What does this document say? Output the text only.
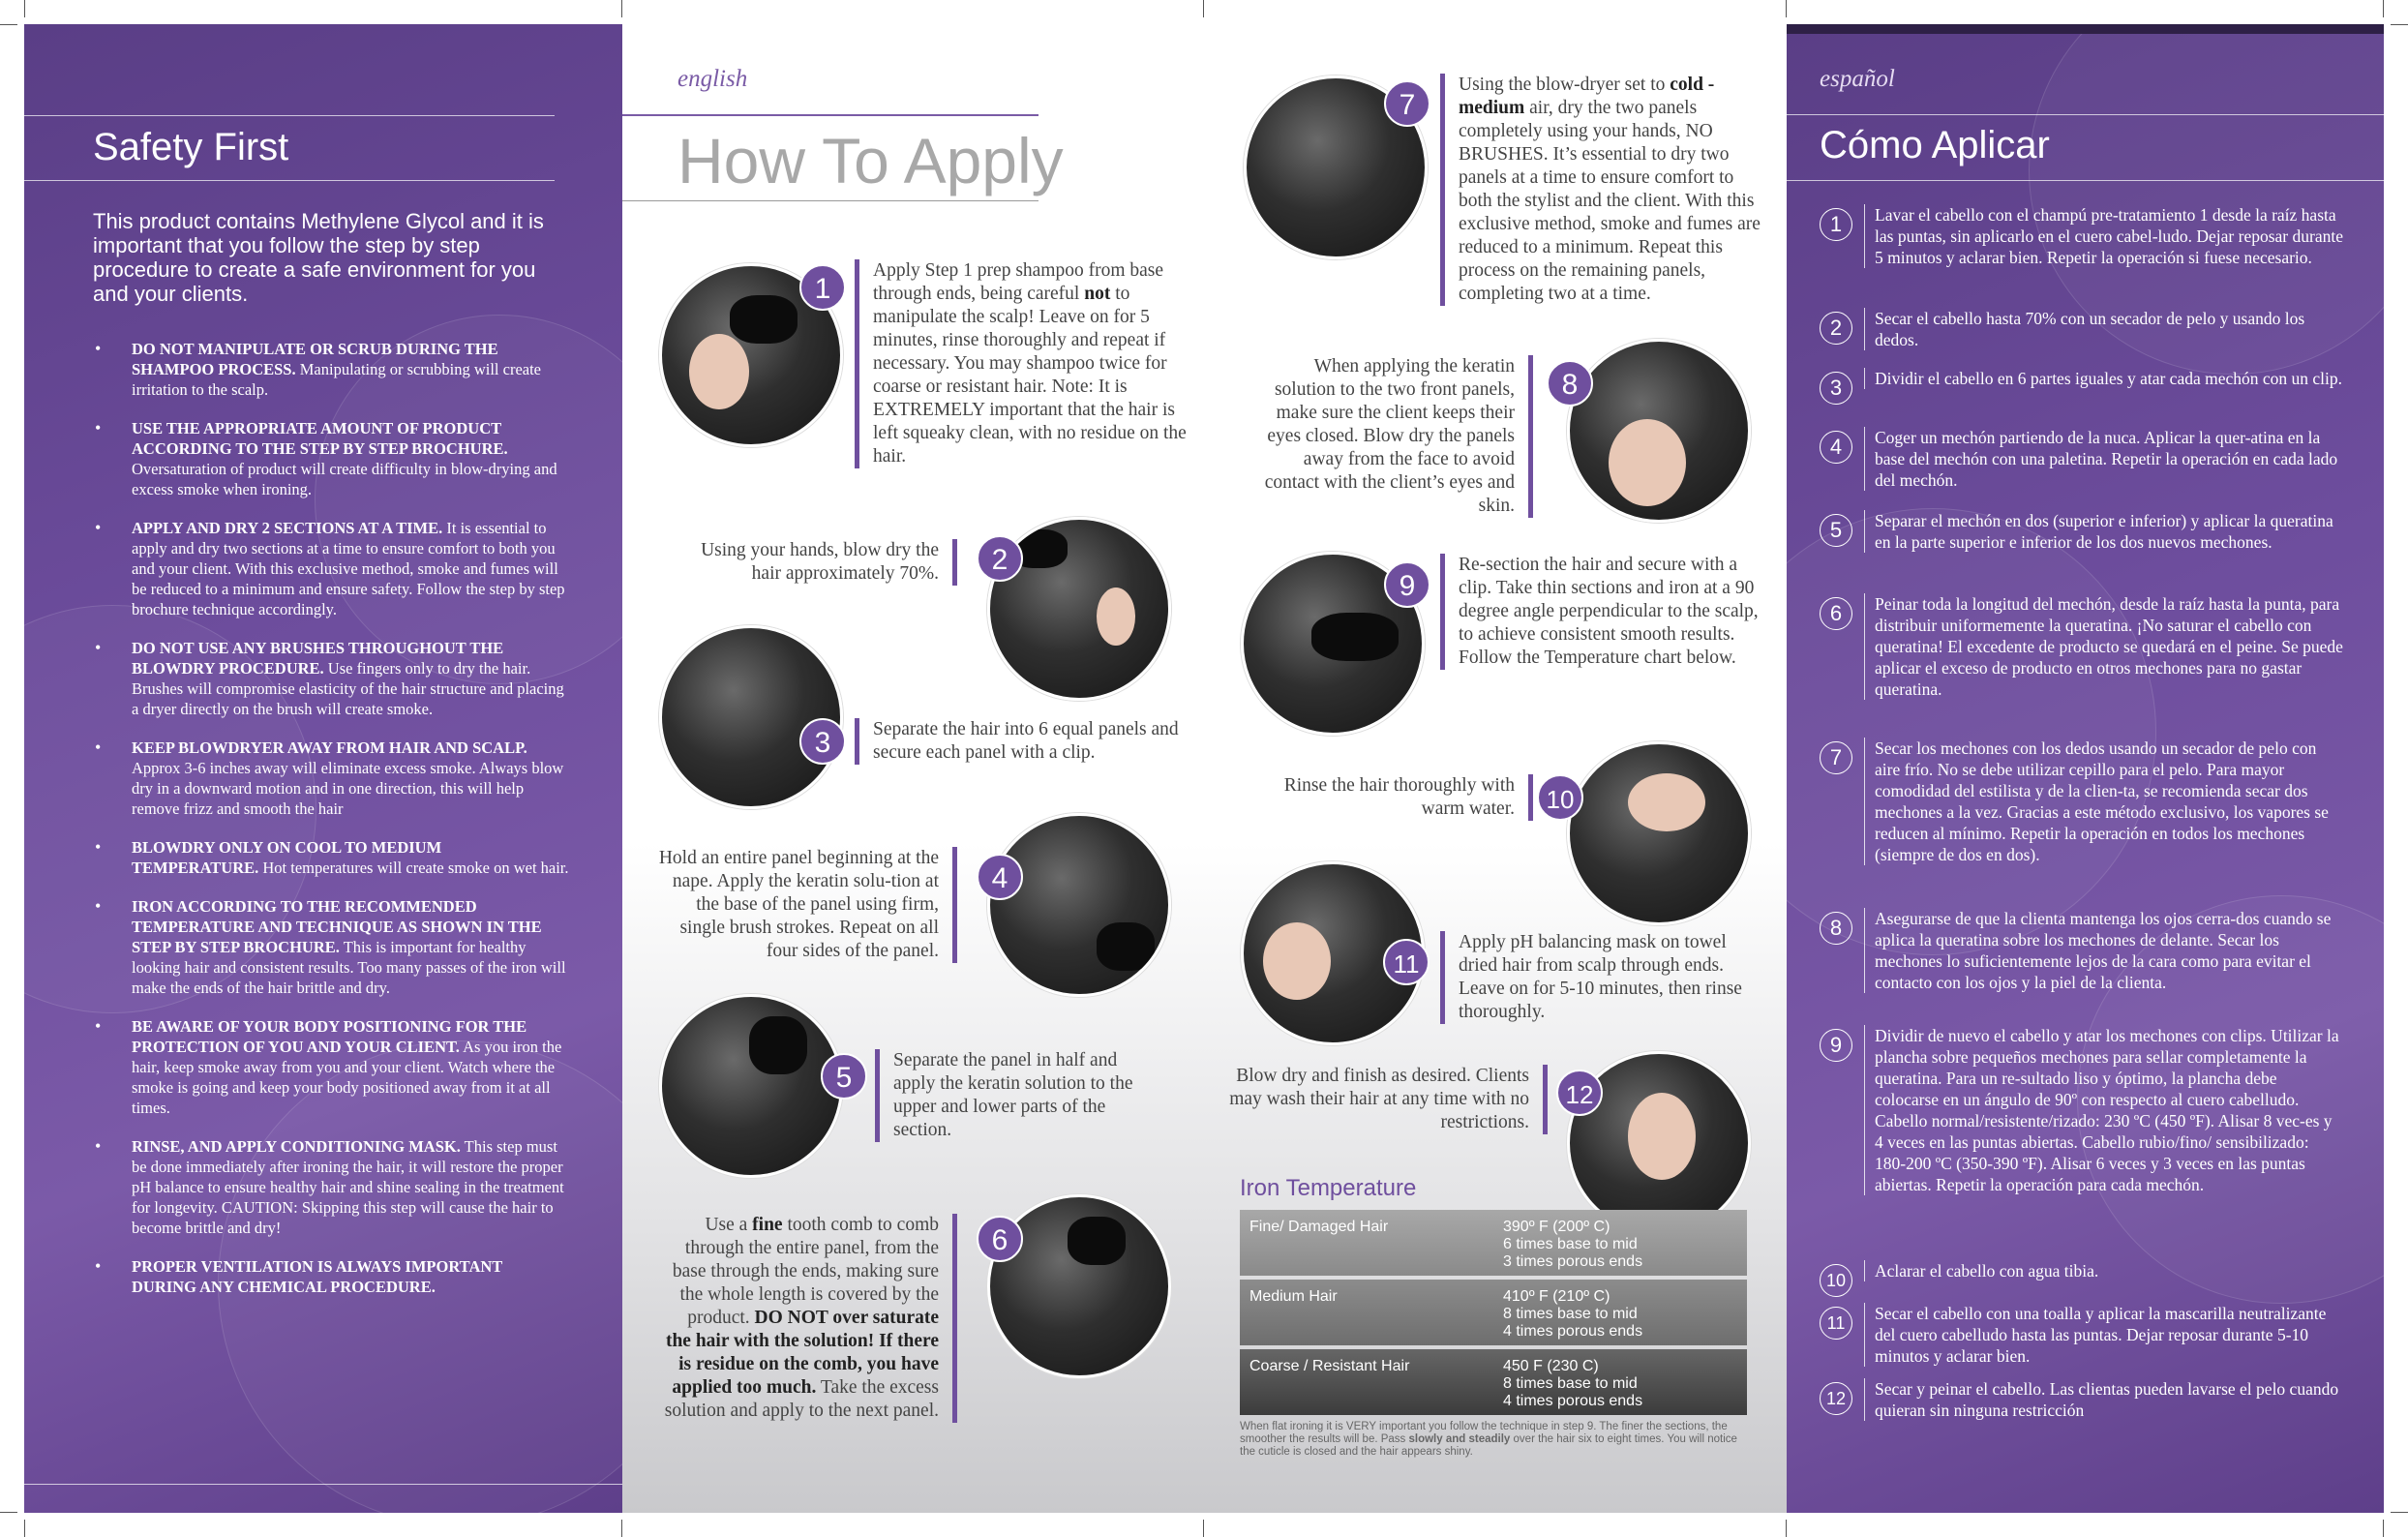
Safety First
This product contains Methylene Glycol and it is important that you follow the step by step procedure to create a safe environment for you and your clients.
• DO NOT MANIPULATE OR SCRUB DURING THE SHAMPOO PROCESS. Manipulating or scrubbing will create irritation to the scalp.
• USE THE APPROPRIATE AMOUNT OF PRODUCT ACCORDING TO THE STEP BY STEP BROCHURE. Oversaturation of product will create difficulty in blow-drying and excess smoke when ironing.
• APPLY AND DRY 2 SECTIONS AT A TIME. It is essential to apply and dry two sections at a time to ensure comfort to both you and your client. With this exclusive method, smoke and fumes will be reduced to a minimum and ensure safety. Follow the step by step brochure technique accordingly.
• DO NOT USE ANY BRUSHES THROUGHOUT THE BLOWDRY PROCEDURE. Use fingers only to dry the hair. Brushes will compromise elasticity of the hair structure and placing a dryer directly on the brush will create smoke.
• KEEP BLOWDRYER AWAY FROM HAIR AND SCALP. Approx 3-6 inches away will eliminate excess smoke. Always blow dry in a downward motion and in one direction, this will help remove frizz and smooth the hair
• BLOWDRY ONLY ON COOL TO MEDIUM TEMPERATURE. Hot temperatures will create smoke on wet hair.
• IRON ACCORDING TO THE RECOMMENDED TEMPERATURE AND TECHNIQUE AS SHOWN IN THE STEP BY STEP BROCHURE. This is important for healthy looking hair and consistent results. Too many passes of the iron will make the ends of the hair brittle and dry.
• BE AWARE OF YOUR BODY POSITIONING FOR THE PROTECTION OF YOU AND YOUR CLIENT. As you iron the hair, keep smoke away from you and your client. Watch where the smoke is going and keep your body positioned away from it at all times.
• RINSE, AND APPLY CONDITIONING MASK. This step must be done immediately after ironing the hair, it will restore the proper pH balance to ensure healthy hair and shine sealing in the treatment for longevity. CAUTION: Skipping this step will cause the hair to become brittle and dry!
• PROPER VENTILATION IS ALWAYS IMPORTANT DURING ANY CHEMICAL PROCEDURE.
english
How To Apply
1
Apply Step 1 prep shampoo from base through ends, being careful not to manipulate the scalp! Leave on for 5 minutes, rinse thoroughly and repeat if necessary. You may shampoo twice for coarse or resistant hair. Note: It is EXTREMELY important that the hair is left squeaky clean, with no residue on the hair.
2
Using your hands, blow dry the hair approximately 70%.
3	Separate the hair into 6 equal panels and secure each panel with a clip.
4
Hold an entire panel beginning at the nape. Apply the keratin solu-tion at the base of the panel using firm, single brush strokes. Repeat on all four sides of the panel.
5
Separate the panel in half and apply the keratin solution to the upper and lower parts of the section.
6
Use a fine tooth comb to comb through the entire panel, from the base through the ends, making sure the whole length is covered by the product. DO NOT over saturate the hair with the solution! If there is residue on the comb, you have applied too much. Take the excess solution and apply to the next panel.
7
Using the blow-dryer set to cold - medium air, dry the two panels completely using your hands, NO BRUSHES. It’s essential to dry two panels at a time to ensure comfort to both the stylist and the client. With this exclusive method, smoke and fumes are reduced to a minimum. Repeat this process on the remaining panels, completing two at a time.
8
When applying the keratin solution to the two front panels, make sure the client keeps their eyes closed. Blow dry the panels away from the face to avoid contact with the client’s eyes and skin.
9
Re-section the hair and secure with a clip. Take thin sections and iron at a 90 degree angle perpendicular to the scalp, to achieve consistent smooth results. Follow the Temperature chart below.
10
Rinse the hair thoroughly with warm water.
11
Apply pH balancing mask on towel dried hair from scalp through ends. Leave on for 5-10 minutes, then rinse thoroughly.
12
Blow dry and finish as desired. Clients may wash their hair at any time with no restrictions.
Iron Temperature
Fine/ Damaged Hair	390º F (200º C)
6 times base to mid
3 times porous ends
Medium Hair	410º F (210º C)
8 times base to mid
4 times porous ends
Coarse / Resistant Hair	450 F (230 C)
8 times base to mid
4 times porous ends
When flat ironing it is VERY important you follow the technique in step 9. The finer the sections, the smoother the results will be. Pass slowly and steadily over the hair six to eight times. You will notice the cuticle is closed and the hair appears shiny.
español
Cómo Aplicar
1	Lavar el cabello con el champú pre-tratamiento 1 desde la raíz hasta las puntas, sin aplicarlo en el cuero cabel-ludo. Dejar reposar durante 5 minutos y aclarar bien. Repetir la operación si fuese necesario.
2	Secar el cabello hasta 70% con un secador de pelo y usando los dedos.
3	Dividir el cabello en 6 partes iguales y atar cada mechón con un clip.
4	Coger un mechón partiendo de la nuca. Aplicar la quer-atina en la base del mechón con una paletina. Repetir la operación en cada lado del mechón.
5	Separar el mechón en dos (superior e inferior) y aplicar la queratina en la parte superior e inferior de los dos nuevos mechones.
6	Peinar toda la longitud del mechón, desde la raíz hasta la punta, para distribuir uniformemente la queratina. ¡No saturar el cabello con queratina! El excedente de producto se quedará en el peine. Se puede aplicar el exceso de producto en otros mechones para no gastar queratina.
7	Secar los mechones con los dedos usando un secador de pelo con aire frío. No se debe utilizar cepillo para el pelo. Para mayor comodidad del estilista y de la clien-ta, se recomienda secar dos mechones a la vez. Gracias a este método exclusivo, los vapores se reducen al mínimo. Repetir la operación en todos los mechones (siempre de dos en dos).
8	Asegurarse de que la clienta mantenga los ojos cerra-dos cuando se aplica la queratina sobre los mechones de delante. Secar los mechones lo suficientemente lejos de la cara como para evitar el contacto con los ojos y la piel de la clienta.
9	Dividir de nuevo el cabello y atar los mechones con clips. Utilizar la plancha sobre pequeños mechones para sellar completamente la queratina. Para un re-sultado liso y óptimo, la plancha debe colocarse en un ángulo de 90º con respecto al cuero cabelludo. Cabello normal/resistente/rizado: 230 ºC (450 ºF). Alisar 8 vec-es y 4 veces en las puntas abiertas. Cabello rubio/fino/ sensibilizado: 180-200 ºC (350-390 ºF). Alisar 6 veces y 3 veces en las puntas abiertas. Repetir la operación para cada mechón.
10	Aclarar el cabello con agua tibia.
11	Secar el cabello con una toalla y aplicar la mascarilla neutralizante del cuero cabelludo hasta las puntas. Dejar reposar durante 5-10 minutos y aclarar bien.
12	Secar y peinar el cabello. Las clientas pueden lavarse el pelo cuando quieran sin ninguna restricción
